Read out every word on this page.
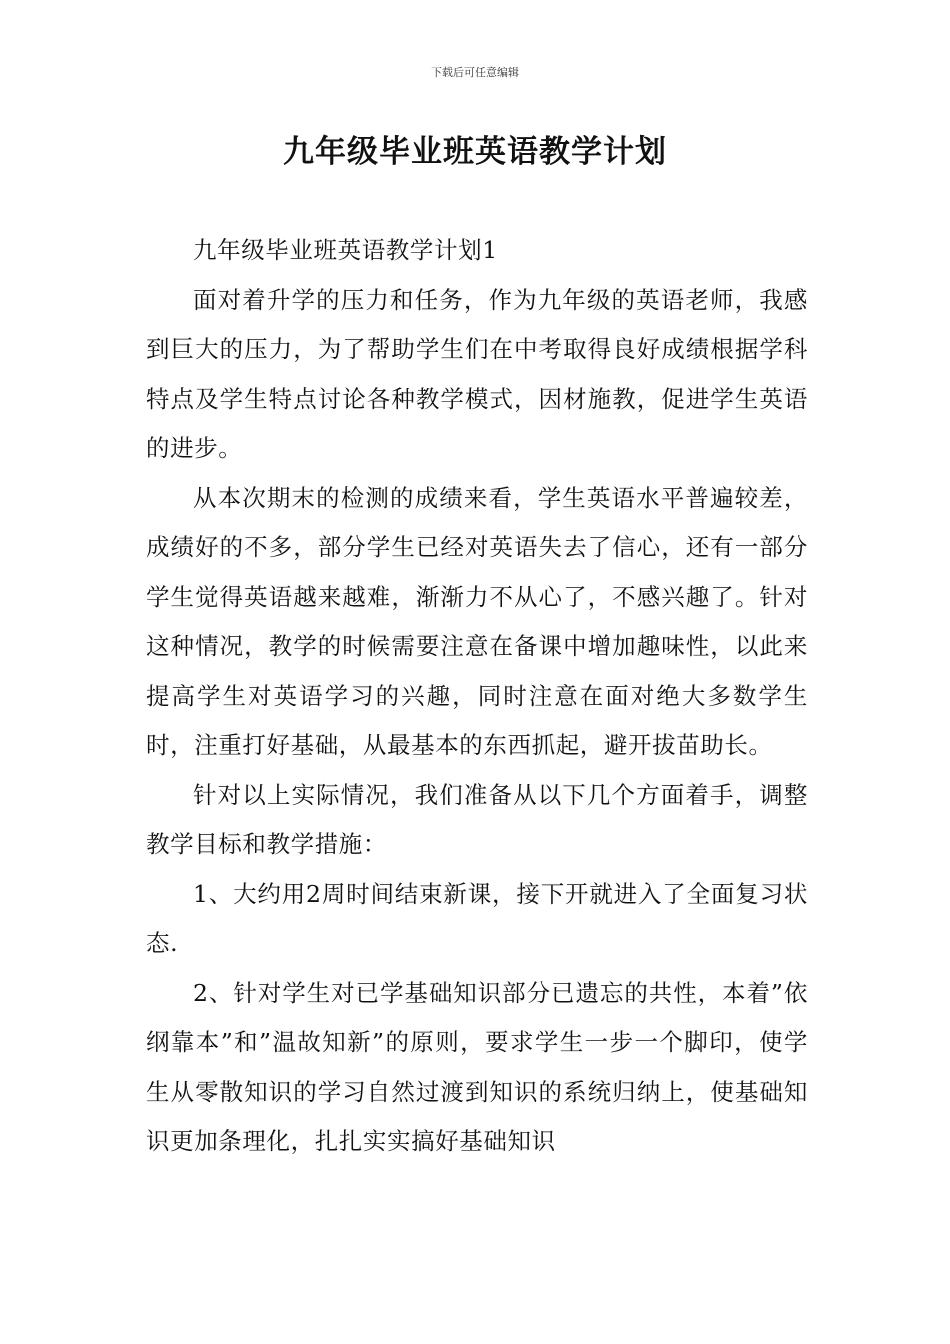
下载后可任意编辑
九年级毕业班英语教学计划

九年级毕业班英语教学计划1

面对着升学的压力和任务，作为九年级的英语老师，我感到巨大的压力，为了帮助学生们在中考取得良好成绩根据学科特点及学生特点讨论各种教学模式，因材施教，促进学生英语的进步。

从本次期末的检测的成绩来看，学生英语水平普遍较差，成绩好的不多，部分学生已经对英语失去了信心，还有一部分学生觉得英语越来越难，渐渐力不从心了，不感兴趣了。针对这种情况，教学的时候需要注意在备课中增加趣味性，以此来提高学生对英语学习的兴趣，同时注意在面对绝大多数学生时，注重打好基础，从最基本的东西抓起，避开拔苗助长。

针对以上实际情况，我们准备从以下几个方面着手，调整教学目标和教学措施：

1、大约用2周时间结束新课，接下开就进入了全面复习状态.

2、针对学生对已学基础知识部分已遗忘的共性，本着”依纲靠本”和”温故知新”的原则，要求学生一步一个脚印，使学生从零散知识的学习自然过渡到知识的系统归纳上，使基础知识更加条理化，扎扎实实搞好基础知识
